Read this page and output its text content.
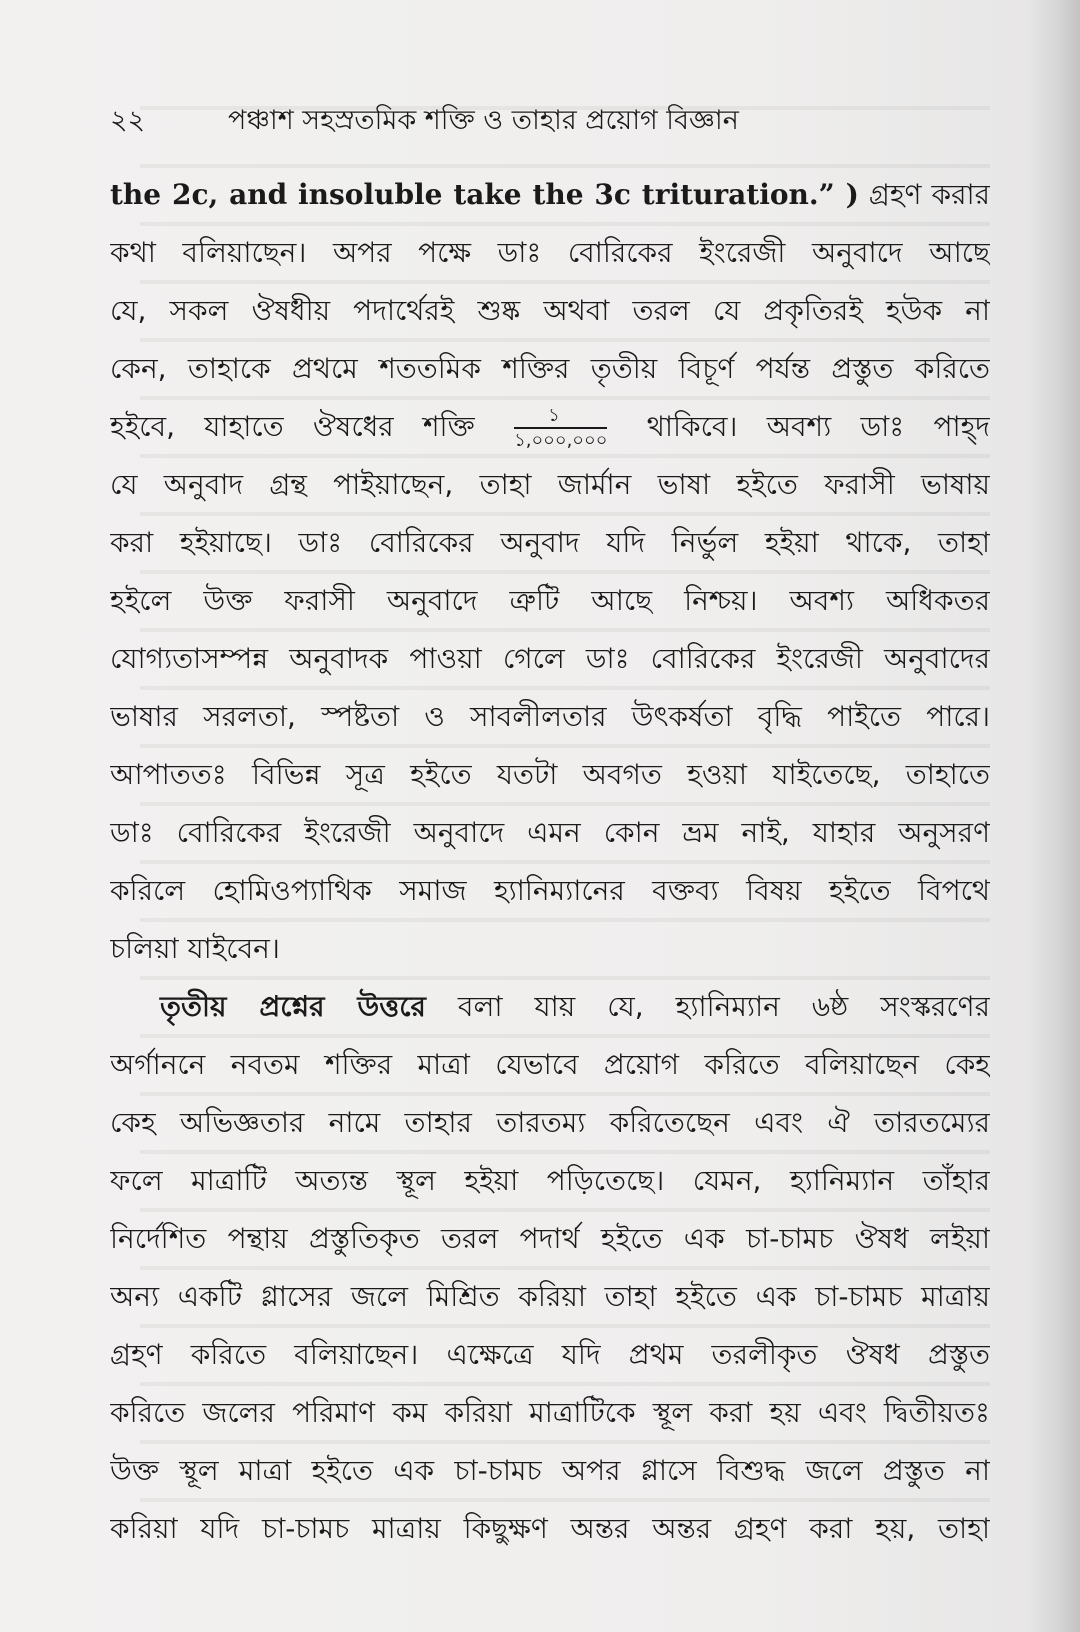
২২	পঞ্চাশ সহস্রতমিক শক্তি ও তাহার প্রয়োগ বিজ্ঞান
the 2c, and insoluble take the 3c trituration.” ) গ্রহণ করার
কথা বলিয়াছেন। অপর পক্ষে ডাঃ বোরিকের ইংরেজী অনুবাদে আছে
যে, সকল ঔষধীয় পদার্থেরই শুষ্ক অথবা তরল যে প্রকৃতিরই হউক না
কেন, তাহাকে প্রথমে শততমিক শক্তির তৃতীয় বিচূর্ণ পর্যন্ত প্রস্তুত করিতে
হইবে, যাহাতে ঔষধের শক্তি $\frac{১}{১,০০০,০০০}$ থাকিবে। অবশ্য ডাঃ পাহ্‌দ
যে অনুবাদ গ্রন্থ পাইয়াছেন, তাহা জার্মান ভাষা হইতে ফরাসী ভাষায়
করা হইয়াছে। ডাঃ বোরিকের অনুবাদ যদি নির্ভুল হইয়া থাকে, তাহা
হইলে উক্ত ফরাসী অনুবাদে ত্রুটি আছে নিশ্চয়। অবশ্য অধিকতর
যোগ্যতাসম্পন্ন অনুবাদক পাওয়া গেলে ডাঃ বোরিকের ইংরেজী অনুবাদের
ভাষার সরলতা, স্পষ্টতা ও সাবলীলতার উৎকর্ষতা বৃদ্ধি পাইতে পারে।
আপাততঃ বিভিন্ন সূত্র হইতে যতটা অবগত হওয়া যাইতেছে, তাহাতে
ডাঃ বোরিকের ইংরেজী অনুবাদে এমন কোন ভ্রম নাই, যাহার অনুসরণ
করিলে হোমিওপ্যাথিক সমাজ হ্যানিম্যানের বক্তব্য বিষয় হইতে বিপথে
চলিয়া যাইবেন।
তৃতীয় প্রশ্নের উত্তরে বলা যায় যে, হ্যানিম্যান ৬ষ্ঠ সংস্করণের
অর্গাননে নবতম শক্তির মাত্রা যেভাবে প্রয়োগ করিতে বলিয়াছেন কেহ
কেহ অভিজ্ঞতার নামে তাহার তারতম্য করিতেছেন এবং ঐ তারতম্যের
ফলে মাত্রাটি অত্যন্ত স্থূল হইয়া পড়িতেছে। যেমন, হ্যানিম্যান তাঁহার
নির্দেশিত পন্থায় প্রস্তুতিকৃত তরল পদার্থ হইতে এক চা-চামচ ঔষধ লইয়া
অন্য একটি গ্লাসের জলে মিশ্রিত করিয়া তাহা হইতে এক চা-চামচ মাত্রায়
গ্রহণ করিতে বলিয়াছেন। এক্ষেত্রে যদি প্রথম তরলীকৃত ঔষধ প্রস্তুত
করিতে জলের পরিমাণ কম করিয়া মাত্রাটিকে স্থূল করা হয় এবং দ্বিতীয়তঃ
উক্ত স্থূল মাত্রা হইতে এক চা-চামচ অপর গ্লাসে বিশুদ্ধ জলে প্রস্তুত না
করিয়া যদি চা-চামচ মাত্রায় কিছুক্ষণ অন্তর অন্তর গ্রহণ করা হয়, তাহা
